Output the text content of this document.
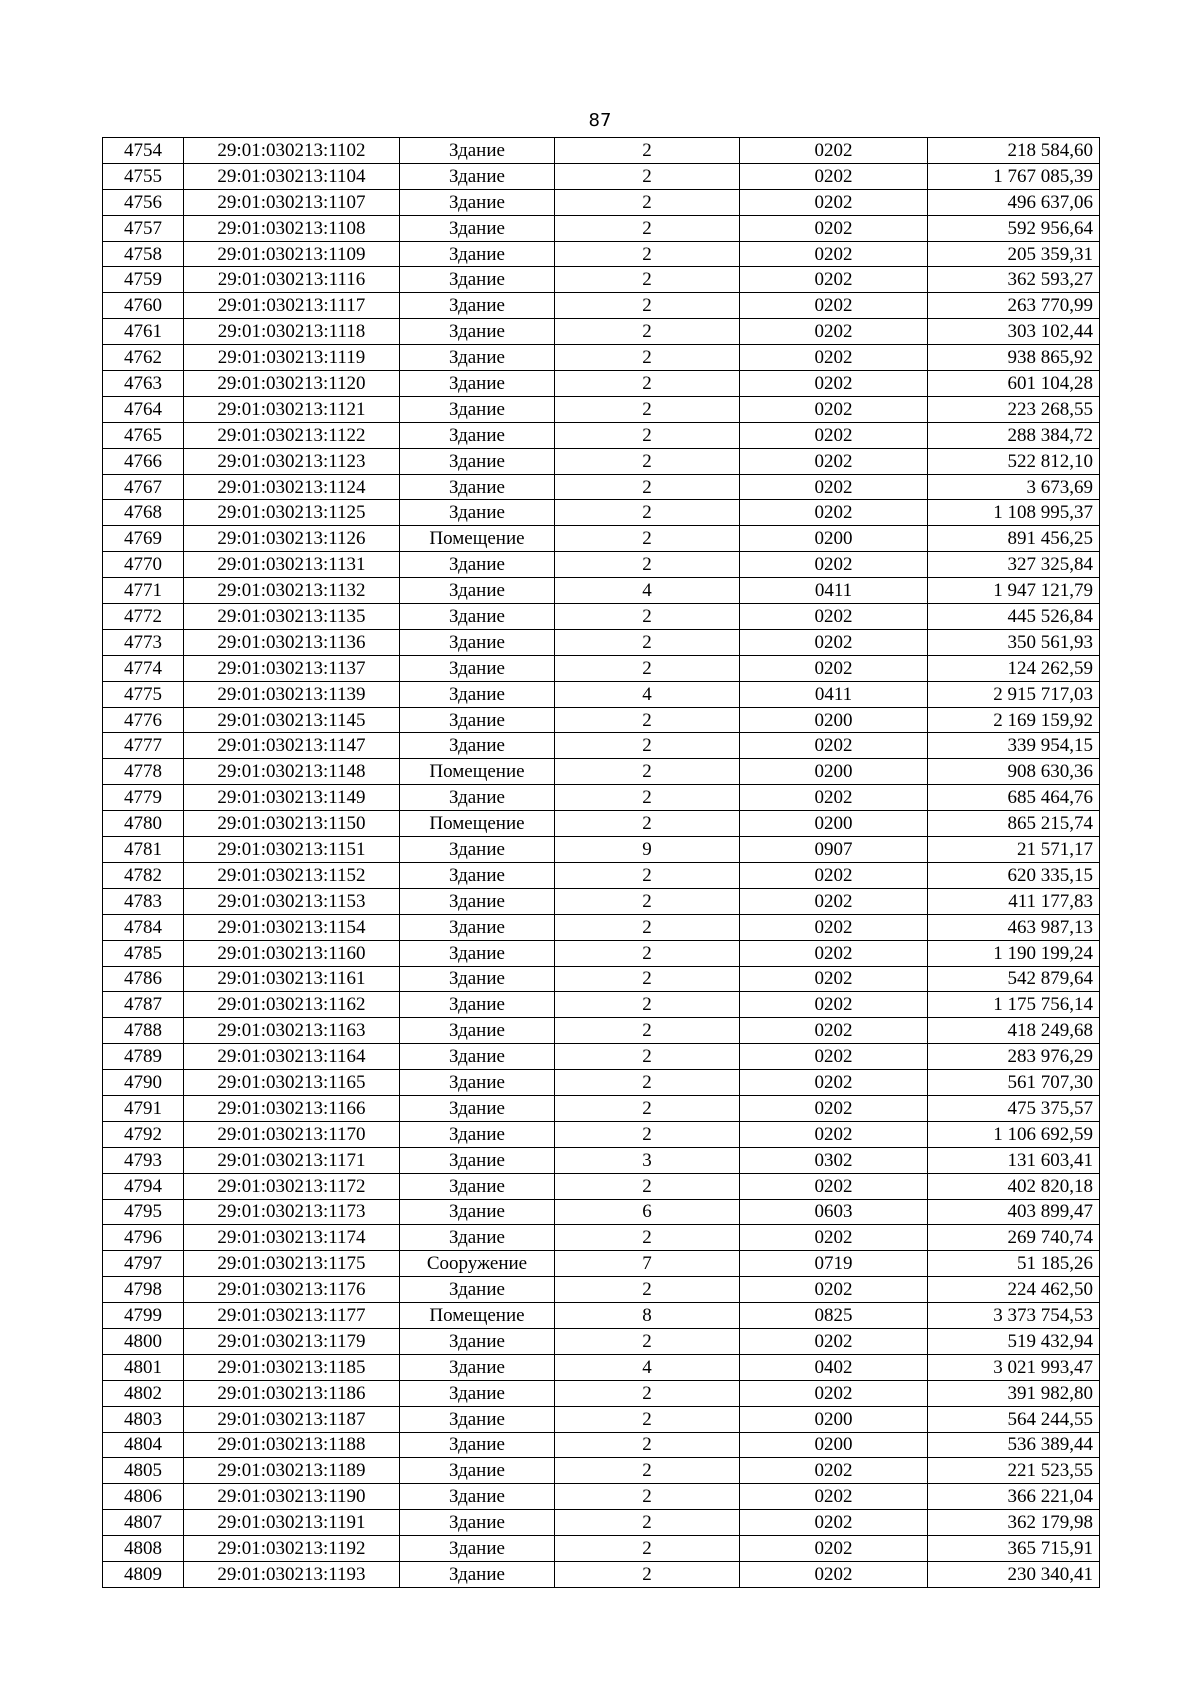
87
4754	29:01:030213:1102	Здание	2	0202	218 584,60
4755	29:01:030213:1104	Здание	2	0202	1 767 085,39
4756	29:01:030213:1107	Здание	2	0202	496 637,06
4757	29:01:030213:1108	Здание	2	0202	592 956,64
4758	29:01:030213:1109	Здание	2	0202	205 359,31
4759	29:01:030213:1116	Здание	2	0202	362 593,27
4760	29:01:030213:1117	Здание	2	0202	263 770,99
4761	29:01:030213:1118	Здание	2	0202	303 102,44
4762	29:01:030213:1119	Здание	2	0202	938 865,92
4763	29:01:030213:1120	Здание	2	0202	601 104,28
4764	29:01:030213:1121	Здание	2	0202	223 268,55
4765	29:01:030213:1122	Здание	2	0202	288 384,72
4766	29:01:030213:1123	Здание	2	0202	522 812,10
4767	29:01:030213:1124	Здание	2	0202	3 673,69
4768	29:01:030213:1125	Здание	2	0202	1 108 995,37
4769	29:01:030213:1126	Помещение	2	0200	891 456,25
4770	29:01:030213:1131	Здание	2	0202	327 325,84
4771	29:01:030213:1132	Здание	4	0411	1 947 121,79
4772	29:01:030213:1135	Здание	2	0202	445 526,84
4773	29:01:030213:1136	Здание	2	0202	350 561,93
4774	29:01:030213:1137	Здание	2	0202	124 262,59
4775	29:01:030213:1139	Здание	4	0411	2 915 717,03
4776	29:01:030213:1145	Здание	2	0200	2 169 159,92
4777	29:01:030213:1147	Здание	2	0202	339 954,15
4778	29:01:030213:1148	Помещение	2	0200	908 630,36
4779	29:01:030213:1149	Здание	2	0202	685 464,76
4780	29:01:030213:1150	Помещение	2	0200	865 215,74
4781	29:01:030213:1151	Здание	9	0907	21 571,17
4782	29:01:030213:1152	Здание	2	0202	620 335,15
4783	29:01:030213:1153	Здание	2	0202	411 177,83
4784	29:01:030213:1154	Здание	2	0202	463 987,13
4785	29:01:030213:1160	Здание	2	0202	1 190 199,24
4786	29:01:030213:1161	Здание	2	0202	542 879,64
4787	29:01:030213:1162	Здание	2	0202	1 175 756,14
4788	29:01:030213:1163	Здание	2	0202	418 249,68
4789	29:01:030213:1164	Здание	2	0202	283 976,29
4790	29:01:030213:1165	Здание	2	0202	561 707,30
4791	29:01:030213:1166	Здание	2	0202	475 375,57
4792	29:01:030213:1170	Здание	2	0202	1 106 692,59
4793	29:01:030213:1171	Здание	3	0302	131 603,41
4794	29:01:030213:1172	Здание	2	0202	402 820,18
4795	29:01:030213:1173	Здание	6	0603	403 899,47
4796	29:01:030213:1174	Здание	2	0202	269 740,74
4797	29:01:030213:1175	Сооружение	7	0719	51 185,26
4798	29:01:030213:1176	Здание	2	0202	224 462,50
4799	29:01:030213:1177	Помещение	8	0825	3 373 754,53
4800	29:01:030213:1179	Здание	2	0202	519 432,94
4801	29:01:030213:1185	Здание	4	0402	3 021 993,47
4802	29:01:030213:1186	Здание	2	0202	391 982,80
4803	29:01:030213:1187	Здание	2	0200	564 244,55
4804	29:01:030213:1188	Здание	2	0200	536 389,44
4805	29:01:030213:1189	Здание	2	0202	221 523,55
4806	29:01:030213:1190	Здание	2	0202	366 221,04
4807	29:01:030213:1191	Здание	2	0202	362 179,98
4808	29:01:030213:1192	Здание	2	0202	365 715,91
4809	29:01:030213:1193	Здание	2	0202	230 340,41
